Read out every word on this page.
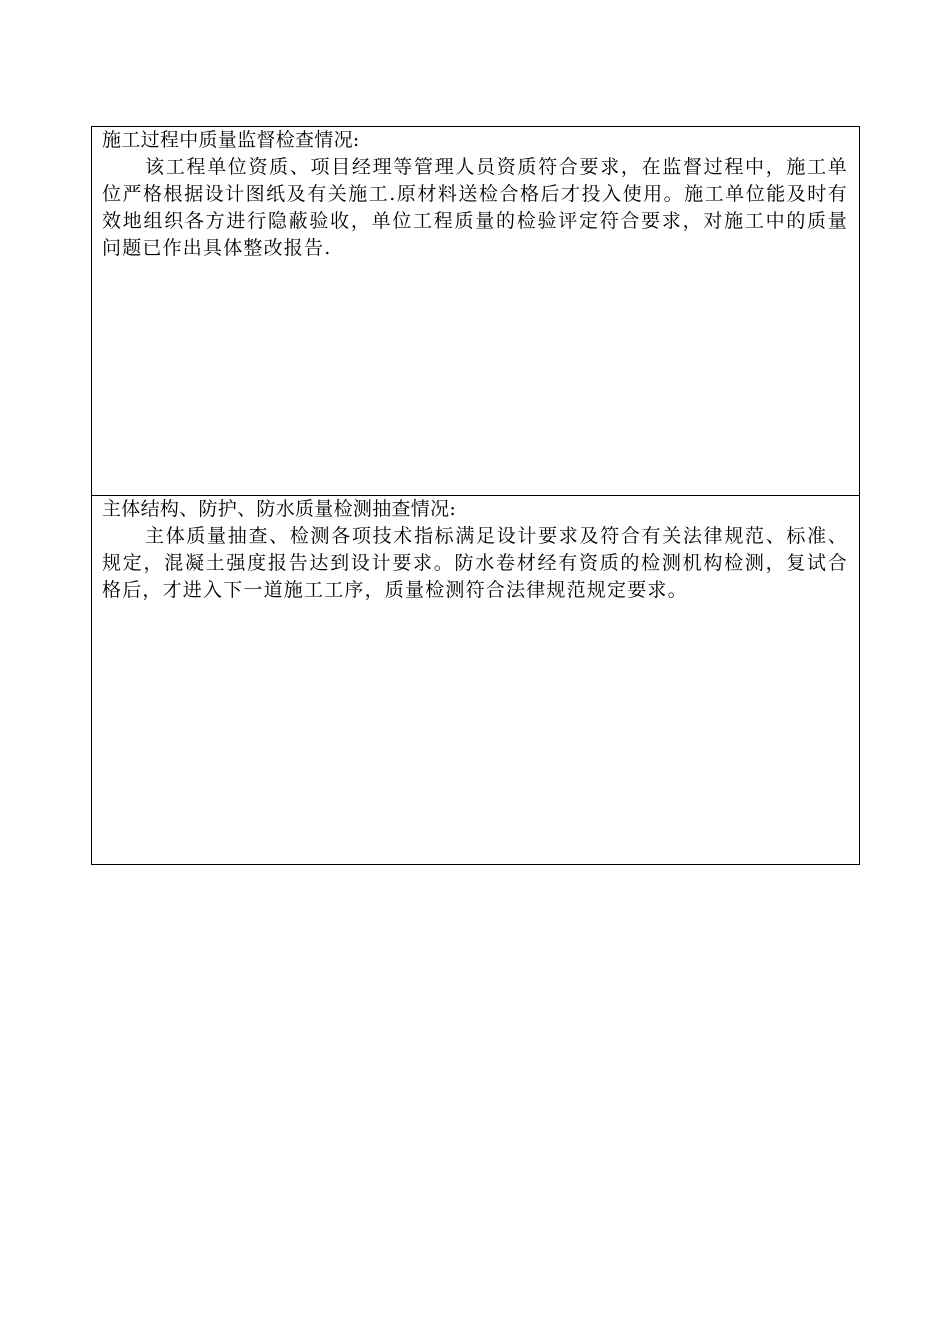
施工过程中质量监督检查情况:

该工程单位资质、项目经理等管理人员资质符合要求，在监督过程中，施工单位严格根据设计图纸及有关施工.原材料送检合格后才投入使用。施工单位能及时有效地组织各方进行隐蔽验收，单位工程质量的检验评定符合要求，对施工中的质量问题已作出具体整改报告.

主体结构、防护、防水质量检测抽查情况:

主体质量抽查、检测各项技术指标满足设计要求及符合有关法律规范、标准、规定，混凝土强度报告达到设计要求。防水卷材经有资质的检测机构检测，复试合格后，才进入下一道施工工序，质量检测符合法律规范规定要求。
